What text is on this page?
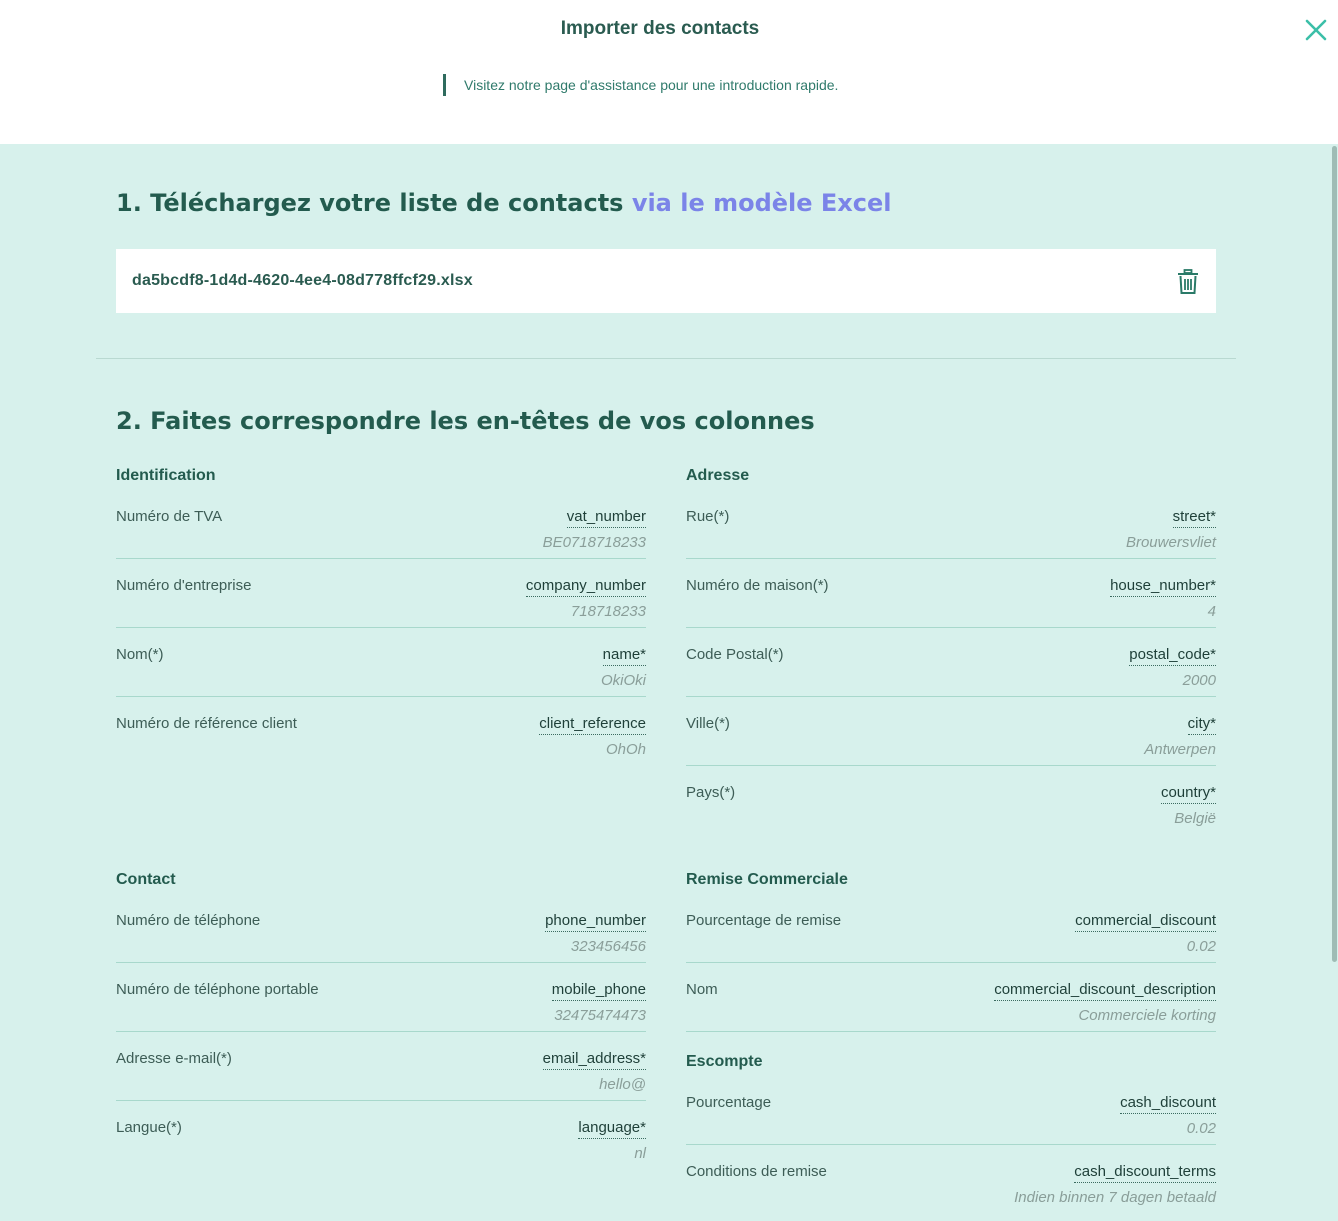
Importer des contacts
Visitez notre page d'assistance pour une introduction rapide.
1. Téléchargez votre liste de contacts via le modèle Excel
da5bcdf8-1d4d-4620-4ee4-08d778ffcf29.xlsx
2. Faites correspondre les en-têtes de vos colonnes
Identification
Numéro de TVA	vat_number
BE0718718233
Numéro d'entreprise	company_number
718718233
Nom(*)	name*
OkiOki
Numéro de référence client	client_reference
OhOh
Adresse
Rue(*)	street*
Brouwersvliet
Numéro de maison(*)	house_number*
4
Code Postal(*)	postal_code*
2000
Ville(*)	city*
Antwerpen
Pays(*)	country*
België
Contact
Numéro de téléphone	phone_number
323456456
Numéro de téléphone portable	mobile_phone
32475474473
Adresse e-mail(*)	email_address*
hello@
Langue(*)	language*
nl
Remise Commerciale
Pourcentage de remise	commercial_discount
0.02
Nom	commercial_discount_description
Commerciele korting
Escompte
Pourcentage	cash_discount
0.02
Conditions de remise	cash_discount_terms
Indien binnen 7 dagen betaald
